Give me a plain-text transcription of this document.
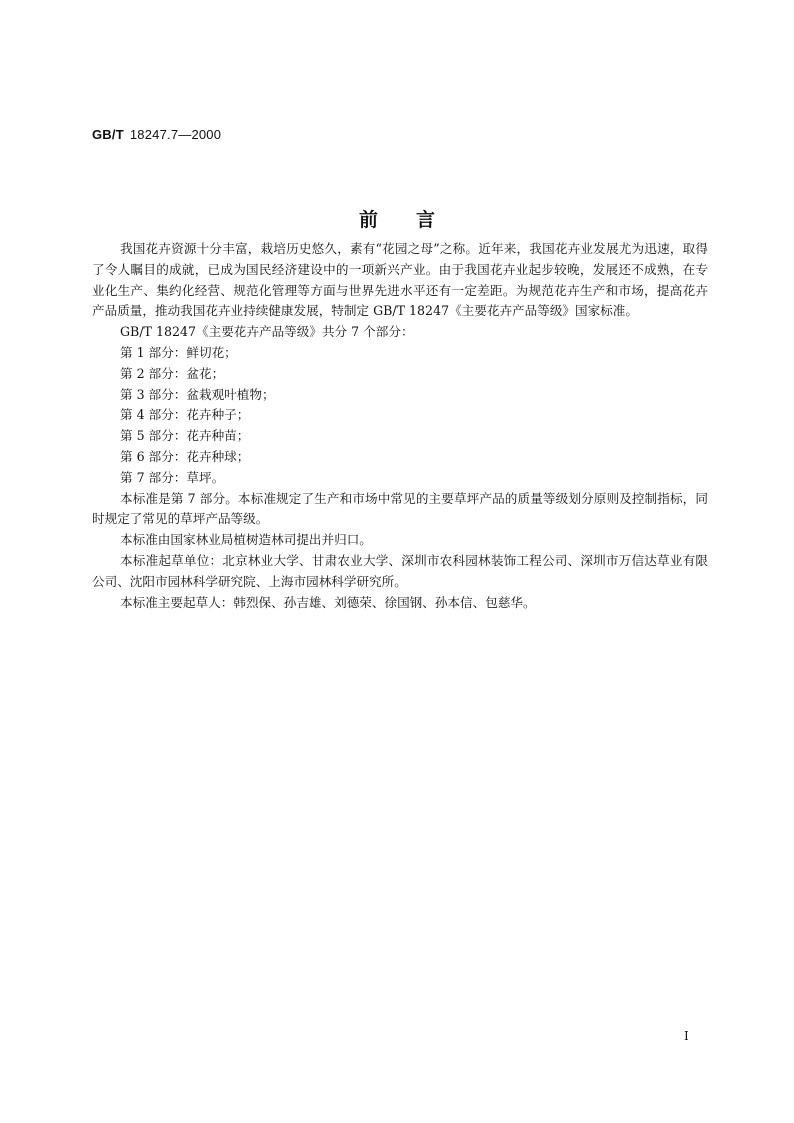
GB/T 18247.7—2000
前言

我国花卉资源十分丰富，栽培历史悠久，素有“花园之母”之称。近年来，我国花卉业发展尤为迅速，取得了令人瞩目的成就，已成为国民经济建设中的一项新兴产业。由于我国花卉业起步较晚，发展还不成熟，在专业化生产、集约化经营、规范化管理等方面与世界先进水平还有一定差距。为规范花卉生产和市场，提高花卉产品质量，推动我国花卉业持续健康发展，特制定 GB/T 18247《主要花卉产品等级》国家标准。

GB/T 18247《主要花卉产品等级》共分 7 个部分：

第 1 部分：鲜切花；

第 2 部分：盆花；

第 3 部分：盆栽观叶植物；

第 4 部分：花卉种子；

第 5 部分：花卉种苗；

第 6 部分：花卉种球；

第 7 部分：草坪。

本标准是第 7 部分。本标准规定了生产和市场中常见的主要草坪产品的质量等级划分原则及控制指标，同时规定了常见的草坪产品等级。

本标准由国家林业局植树造林司提出并归口。

本标准起草单位：北京林业大学、甘肃农业大学、深圳市农科园林装饰工程公司、深圳市万信达草业有限公司、沈阳市园林科学研究院、上海市园林科学研究所。

本标准主要起草人：韩烈保、孙吉雄、刘德荣、徐国钢、孙本信、包慈华。

I
